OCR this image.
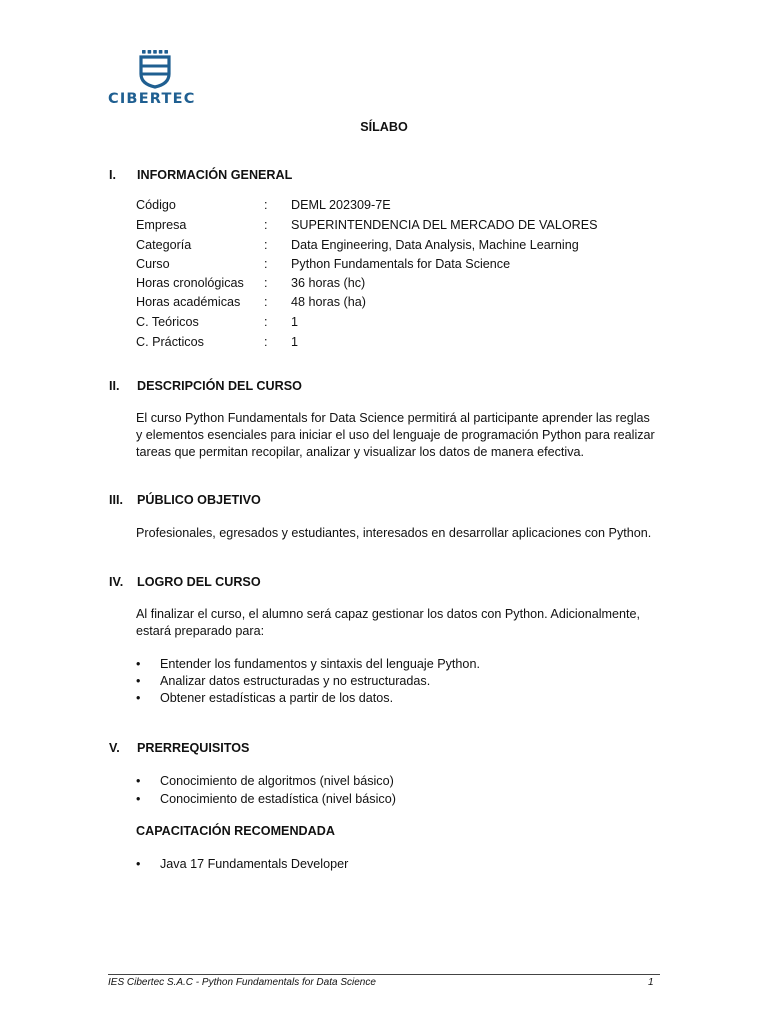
CIBERTEC
SÍLABO
I. INFORMACIÓN GENERAL
Código	: DEML 202309-7E
Empresa	: SUPERINTENDENCIA DEL MERCADO DE VALORES
Categoría	: Data Engineering, Data Analysis, Machine Learning
Curso	: Python Fundamentals for Data Science
Horas cronológicas : 36 horas (hc)
Horas académicas : 48 horas (ha)
C. Teóricos	: 1
C. Prácticos	: 1
II. DESCRIPCIÓN DEL CURSO
El curso Python Fundamentals for Data Science permitirá al participante aprender las reglas
y elementos esenciales para iniciar el uso del lenguaje de programación Python para realizar
tareas que permitan recopilar, analizar y visualizar los datos de manera efectiva.
III. PÚBLICO OBJETIVO
Profesionales, egresados y estudiantes, interesados en desarrollar aplicaciones con Python.
IV. LOGRO DEL CURSO
Al finalizar el curso, el alumno será capaz gestionar los datos con Python. Adicionalmente,
estará preparado para:
• Entender los fundamentos y sintaxis del lenguaje Python.
• Analizar datos estructuradas y no estructuradas.
• Obtener estadísticas a partir de los datos.
V. PRERREQUISITOS
• Conocimiento de algoritmos (nivel básico)
• Conocimiento de estadística (nivel básico)
CAPACITACIÓN RECOMENDADA
• Java 17 Fundamentals Developer
IES Cibertec S.A.C - Python Fundamentals for Data Science	1
